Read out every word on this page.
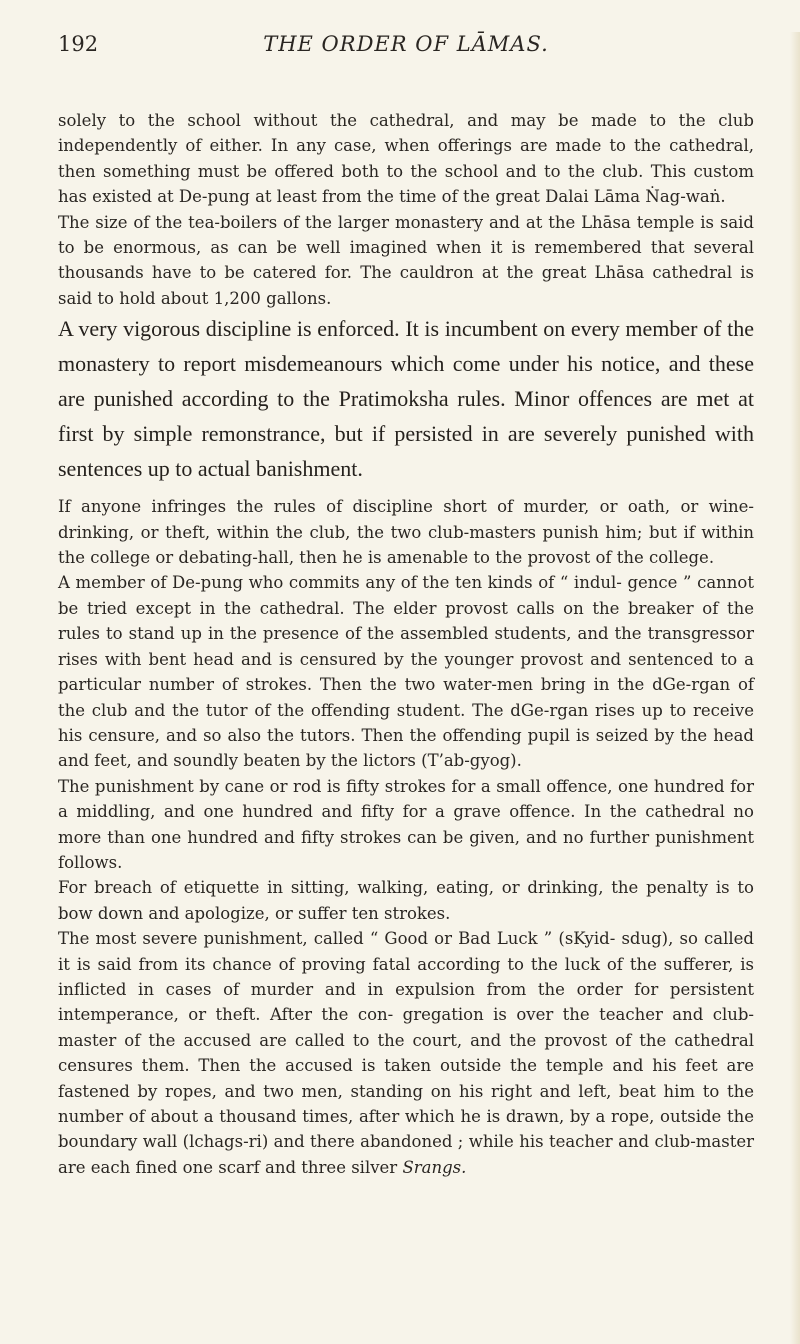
192	THE ORDER OF LĀMAS.

solely to the school without the cathedral, and may be made to the club independently of either. In any case, when offerings are made to the cathedral, then something must be offered both to the school and to the club. This custom has existed at De-pung at least from the time of the great Dalai Lāma Ṅag-waṅ.

The size of the tea-boilers of the larger monastery and at the Lhāsa temple is said to be enormous, as can be well imagined when it is remembered that several thousands have to be catered for. The cauldron at the great Lhāsa cathedral is said to hold about 1,200 gallons.

A very vigorous discipline is enforced. It is incumbent on every member of the monastery to report misdemeanours which come under his notice, and these are punished according to the Pratimoksha rules. Minor offences are met at first by simple remonstrance, but if persisted in are severely punished with sentences up to actual banishment.

If anyone infringes the rules of discipline short of murder, or oath, or wine-drinking, or theft, within the club, the two club-masters punish him; but if within the college or debating-hall, then he is amenable to the provost of the college.

A member of De-pung who commits any of the ten kinds of “ indul- gence ” cannot be tried except in the cathedral. The elder provost calls on the breaker of the rules to stand up in the presence of the assembled students, and the transgressor rises with bent head and is censured by the younger provost and sentenced to a particular number of strokes. Then the two water-men bring in the dGe-rgan of the club and the tutor of the offending student. The dGe-rgan rises up to receive his censure, and so also the tutors. Then the offending pupil is seized by the head and feet, and soundly beaten by the lictors (T’ab-gyog).

The punishment by cane or rod is fifty strokes for a small offence, one hundred for a middling, and one hundred and fifty for a grave offence. In the cathedral no more than one hundred and fifty strokes can be given, and no further punishment follows.

For breach of etiquette in sitting, walking, eating, or drinking, the penalty is to bow down and apologize, or suffer ten strokes.

The most severe punishment, called “ Good or Bad Luck ” (sKyid- sdug), so called it is said from its chance of proving fatal according to the luck of the sufferer, is inflicted in cases of murder and in expulsion from the order for persistent intemperance, or theft. After the con- gregation is over the teacher and club-master of the accused are called to the court, and the provost of the cathedral censures them. Then the accused is taken outside the temple and his feet are fastened by ropes, and two men, standing on his right and left, beat him to the number of about a thousand times, after which he is drawn, by a rope, outside the boundary wall (lchags-ri) and there abandoned ; while his teacher and club-master are each fined one scarf and three silver Srangs.
